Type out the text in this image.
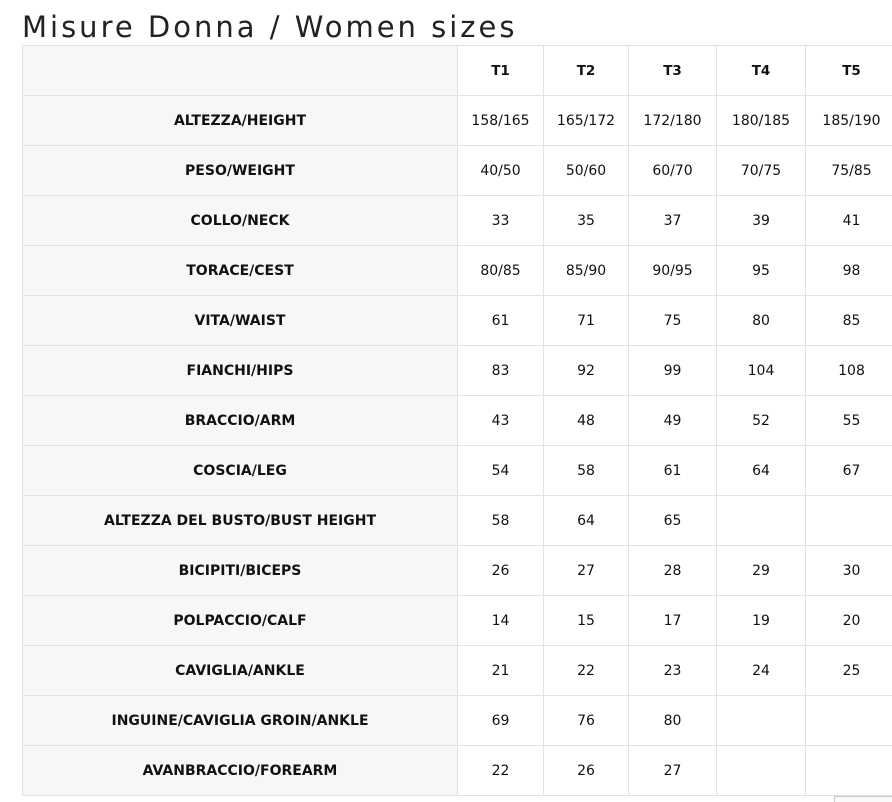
Misure Donna / Women sizes
	T1	T2	T3	T4	T5
ALTEZZA/HEIGHT	158/165	165/172	172/180	180/185	185/190
PESO/WEIGHT	40/50	50/60	60/70	70/75	75/85
COLLO/NECK	33	35	37	39	41
TORACE/CEST	80/85	85/90	90/95	95	98
VITA/WAIST	61	71	75	80	85
FIANCHI/HIPS	83	92	99	104	108
BRACCIO/ARM	43	48	49	52	55
COSCIA/LEG	54	58	61	64	67
ALTEZZA DEL BUSTO/BUST HEIGHT	58	64	65		
BICIPITI/BICEPS	26	27	28	29	30
POLPACCIO/CALF	14	15	17	19	20
CAVIGLIA/ANKLE	21	22	23	24	25
INGUINE/CAVIGLIA GROIN/ANKLE	69	76	80		
AVANBRACCIO/FOREARM	22	26	27		
